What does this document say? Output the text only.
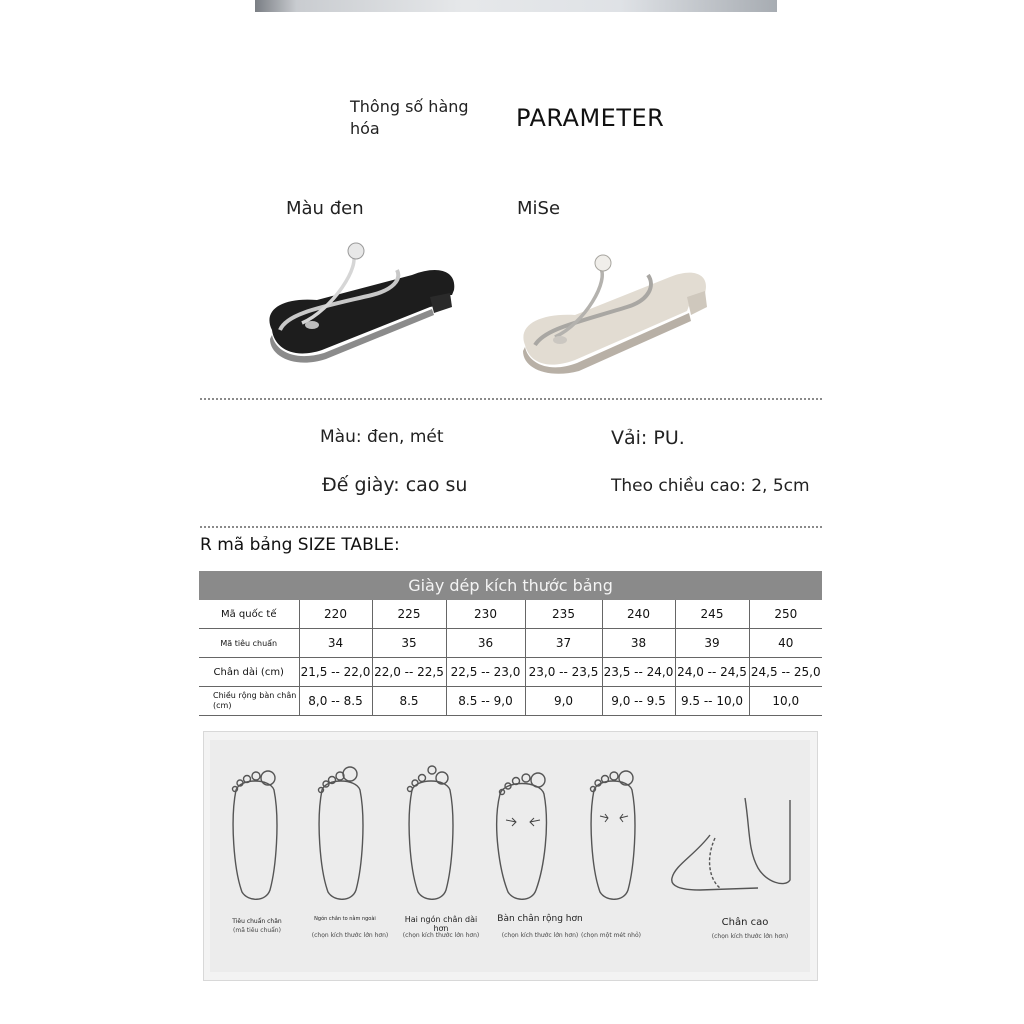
Thông số hàng hóa	PARAMETER
Màu đen	MiSe
Màu: đen, mét	Vải: PU.
Đế giày: cao su	Theo chiều cao: 2, 5cm
R mã bảng SIZE TABLE:
Giày dép kích thước bảng							
Mã quốc tế	220	225	230	235	240	245	250
Mã tiêu chuẩn	34	35	36	37	38	39	40
Chân dài (cm)	21,5 -- 22,0	22,0 -- 22,5	22,5 -- 23,0	23,0 -- 23,5	23,5 -- 24,0	24,0 -- 24,5	24,5 -- 25,0
Chiều rộng bàn chân (cm)	8,0 -- 8.5	8.5	8.5 -- 9,0	9,0	9,0 -- 9.5	9.5 -- 10,0	10,0
Tiêu chuẩn chân
(mã tiêu chuẩn)
Ngón chân to nằm ngoài
(chọn kích thước lớn hơn)
Hai ngón chân dài hơn
(chọn kích thước lớn hơn)
Bàn chân rộng hơn
(chọn kích thước lớn hơn) (chọn một mét nhỏ)
Chân cao
(chọn kích thước lớn hơn)
